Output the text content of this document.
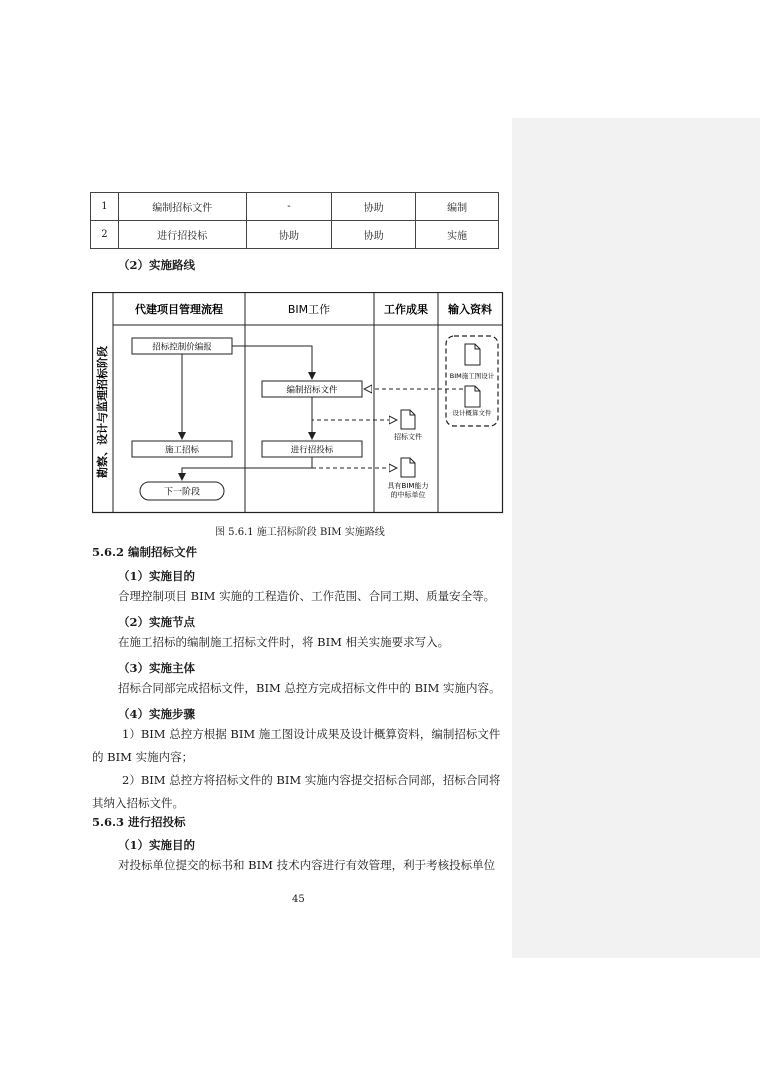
1	编制招标文件	-	协助	编制
2	进行招投标	协助	协助	实施
（2）实施路线
勘察、设计与监理招标阶段
代建项目管理流程	BIM工作	工作成果 输入资料
招标控制价编报
施工招标
下一阶段
编制招标文件
进行招投标
招标文件
具有BIM能力
的中标单位
BIM施工图设计
设计概算文件
图 5.6.1 施工招标阶段 BIM 实施路线
5.6.2 编制招标文件
（1）实施目的
合理控制项目 BIM 实施的工程造价、工作范围、合同工期、质量安全等。
（2）实施节点
在施工招标的编制施工招标文件时，将 BIM 相关实施要求写入。
（3）实施主体
招标合同部完成招标文件，BIM 总控方完成招标文件中的 BIM 实施内容。
（4）实施步骤
1）BIM 总控方根据 BIM 施工图设计成果及设计概算资料，编制招标文件
的 BIM 实施内容；
2）BIM 总控方将招标文件的 BIM 实施内容提交招标合同部，招标合同将
其纳入招标文件。
5.6.3 进行招投标
（1）实施目的
对投标单位提交的标书和 BIM 技术内容进行有效管理，利于考核投标单位
45
